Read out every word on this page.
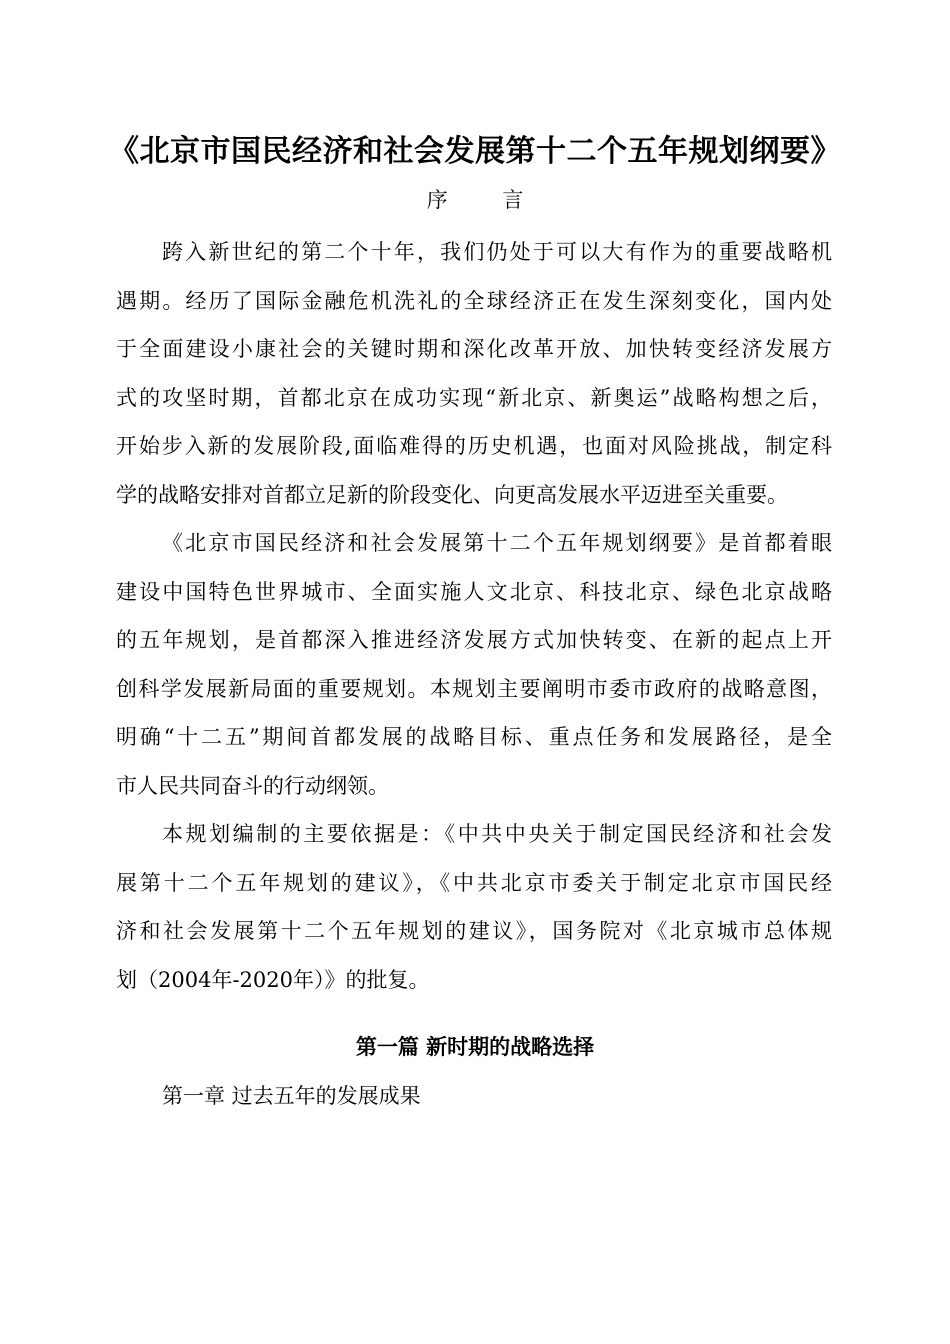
《北京市国民经济和社会发展第十二个五年规划纲要》
序 言
跨入新世纪的第二个十年，我们仍处于可以大有作为的重要战略机
遇期。经历了国际金融危机洗礼的全球经济正在发生深刻变化，国内处
于全面建设小康社会的关键时期和深化改革开放、加快转变经济发展方
式的攻坚时期，首都北京在成功实现“新北京、新奥运”战略构想之后，
开始步入新的发展阶段,面临难得的历史机遇，也面对风险挑战，制定科
学的战略安排对首都立足新的阶段变化、向更高发展水平迈进至关重要。
《北京市国民经济和社会发展第十二个五年规划纲要》是首都着眼
建设中国特色世界城市、全面实施人文北京、科技北京、绿色北京战略
的五年规划，是首都深入推进经济发展方式加快转变、在新的起点上开
创科学发展新局面的重要规划。本规划主要阐明市委市政府的战略意图，
明确“十二五”期间首都发展的战略目标、重点任务和发展路径，是全
市人民共同奋斗的行动纲领。
本规划编制的主要依据是：《中共中央关于制定国民经济和社会发
展第十二个五年规划的建议》，《中共北京市委关于制定北京市国民经
济和社会发展第十二个五年规划的建议》，国务院对《北京城市总体规
划（2004年-2020年）》的批复。
第一篇 新时期的战略选择
第一章 过去五年的发展成果
